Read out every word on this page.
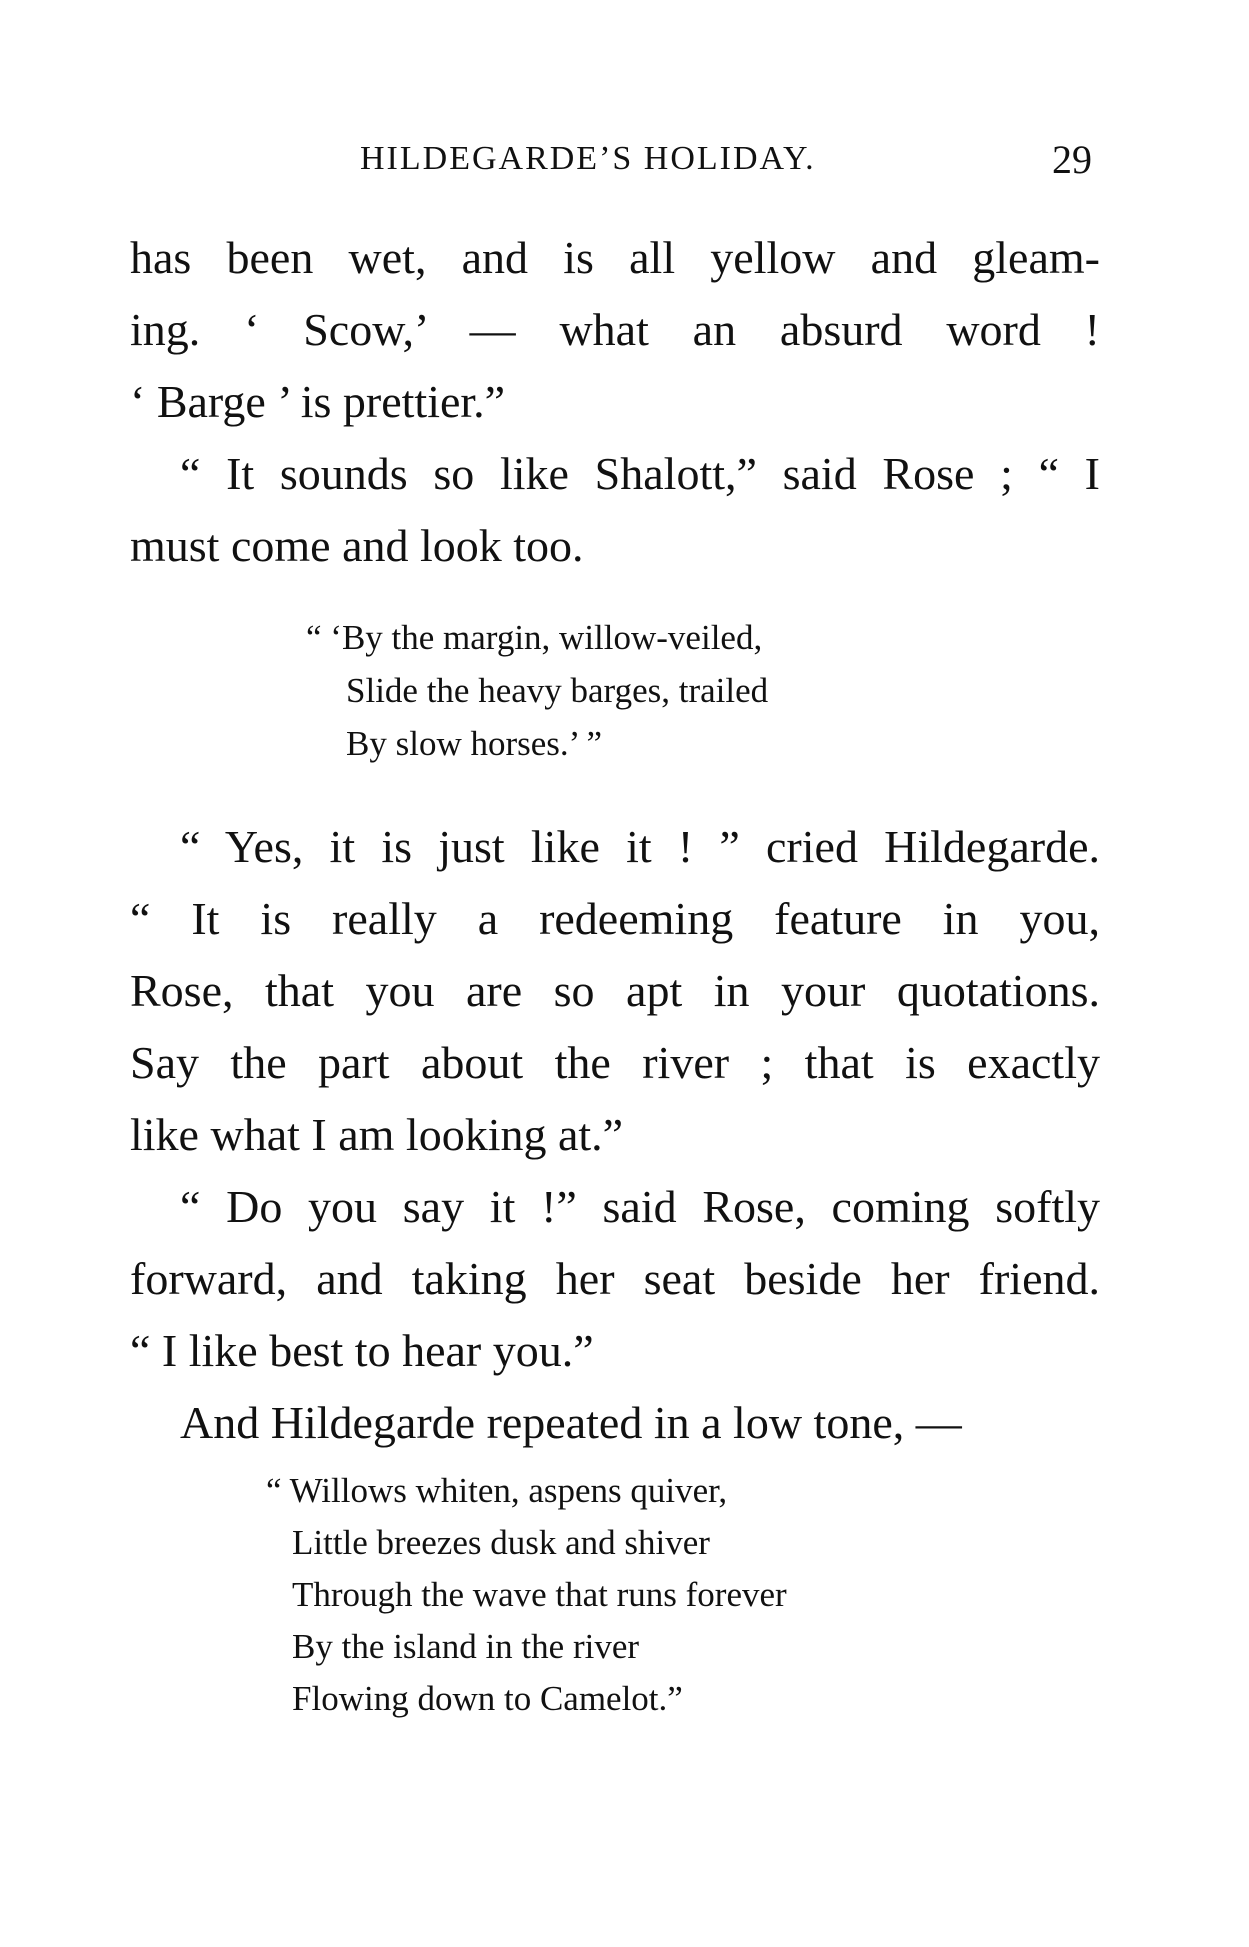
HILDEGARDE’S HOLIDAY.	29
has been wet, and is all yellow and gleam-
ing. ‘ Scow,’ — what an absurd word !
‘ Barge ’ is prettier.”
“ It sounds so like Shalott,” said Rose ; “ I
must come and look too.
“ ‘By the margin, willow-veiled,
Slide the heavy barges, trailed
By slow horses.’ ”
“ Yes, it is just like it ! ” cried Hildegarde.
“ It is really a redeeming feature in you,
Rose, that you are so apt in your quotations.
Say the part about the river ; that is exactly
like what I am looking at.”
“ Do you say it !” said Rose, coming softly
forward, and taking her seat beside her friend.
“ I like best to hear you.”
And Hildegarde repeated in a low tone, —
“ Willows whiten, aspens quiver,
Little breezes dusk and shiver
Through the wave that runs forever
By the island in the river
Flowing down to Camelot.”
